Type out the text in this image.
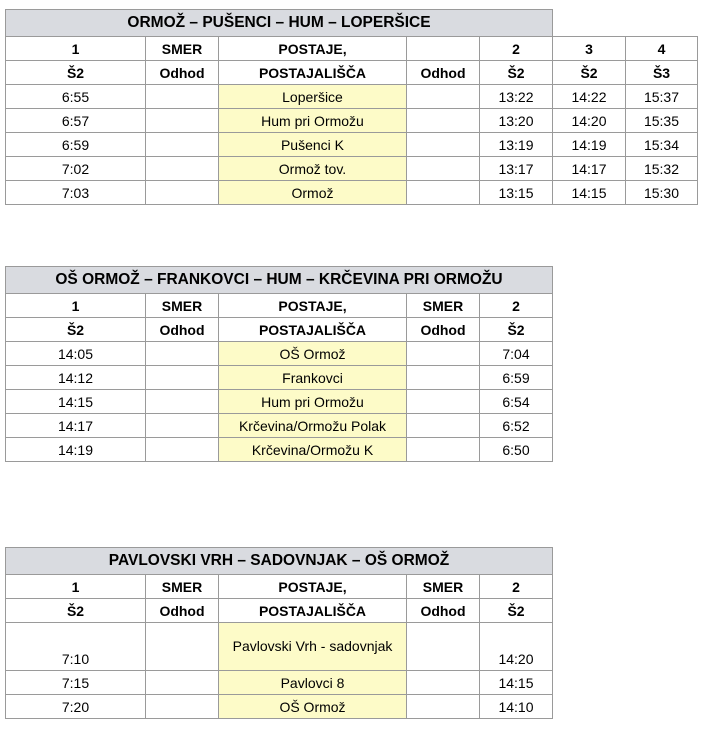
ORMOŽ – PUŠENCI – HUM – LOPERŠICE						
1	SMER	POSTAJE,		2	3	4
Š2	Odhod	POSTAJALIŠČA	Odhod	Š2	Š2	Š3
6:55		Loperšice		13:22	14:22	15:37
6:57		Hum pri Ormožu		13:20	14:20	15:35
6:59		Pušenci K		13:19	14:19	15:34
7:02		Ormož tov.		13:17	14:17	15:32
7:03		Ormož		13:15	14:15	15:30
OŠ ORMOŽ – FRANKOVCI – HUM – KRČEVINA PRI ORMOŽU				
1	SMER	POSTAJE,	SMER	2
Š2	Odhod	POSTAJALIŠČA	Odhod	Š2
14:05		OŠ Ormož		7:04
14:12		Frankovci		6:59
14:15		Hum pri Ormožu		6:54
14:17		Krčevina/Ormožu Polak		6:52
14:19		Krčevina/Ormožu K		6:50
PAVLOVSKI VRH – SADOVNJAK – OŠ ORMOŽ				
1	SMER	POSTAJE,	SMER	2
Š2	Odhod	POSTAJALIŠČA	Odhod	Š2
7:10		Pavlovski Vrh - sadovnjak		14:20
7:15		Pavlovci 8		14:15
7:20		OŠ Ormož		14:10
